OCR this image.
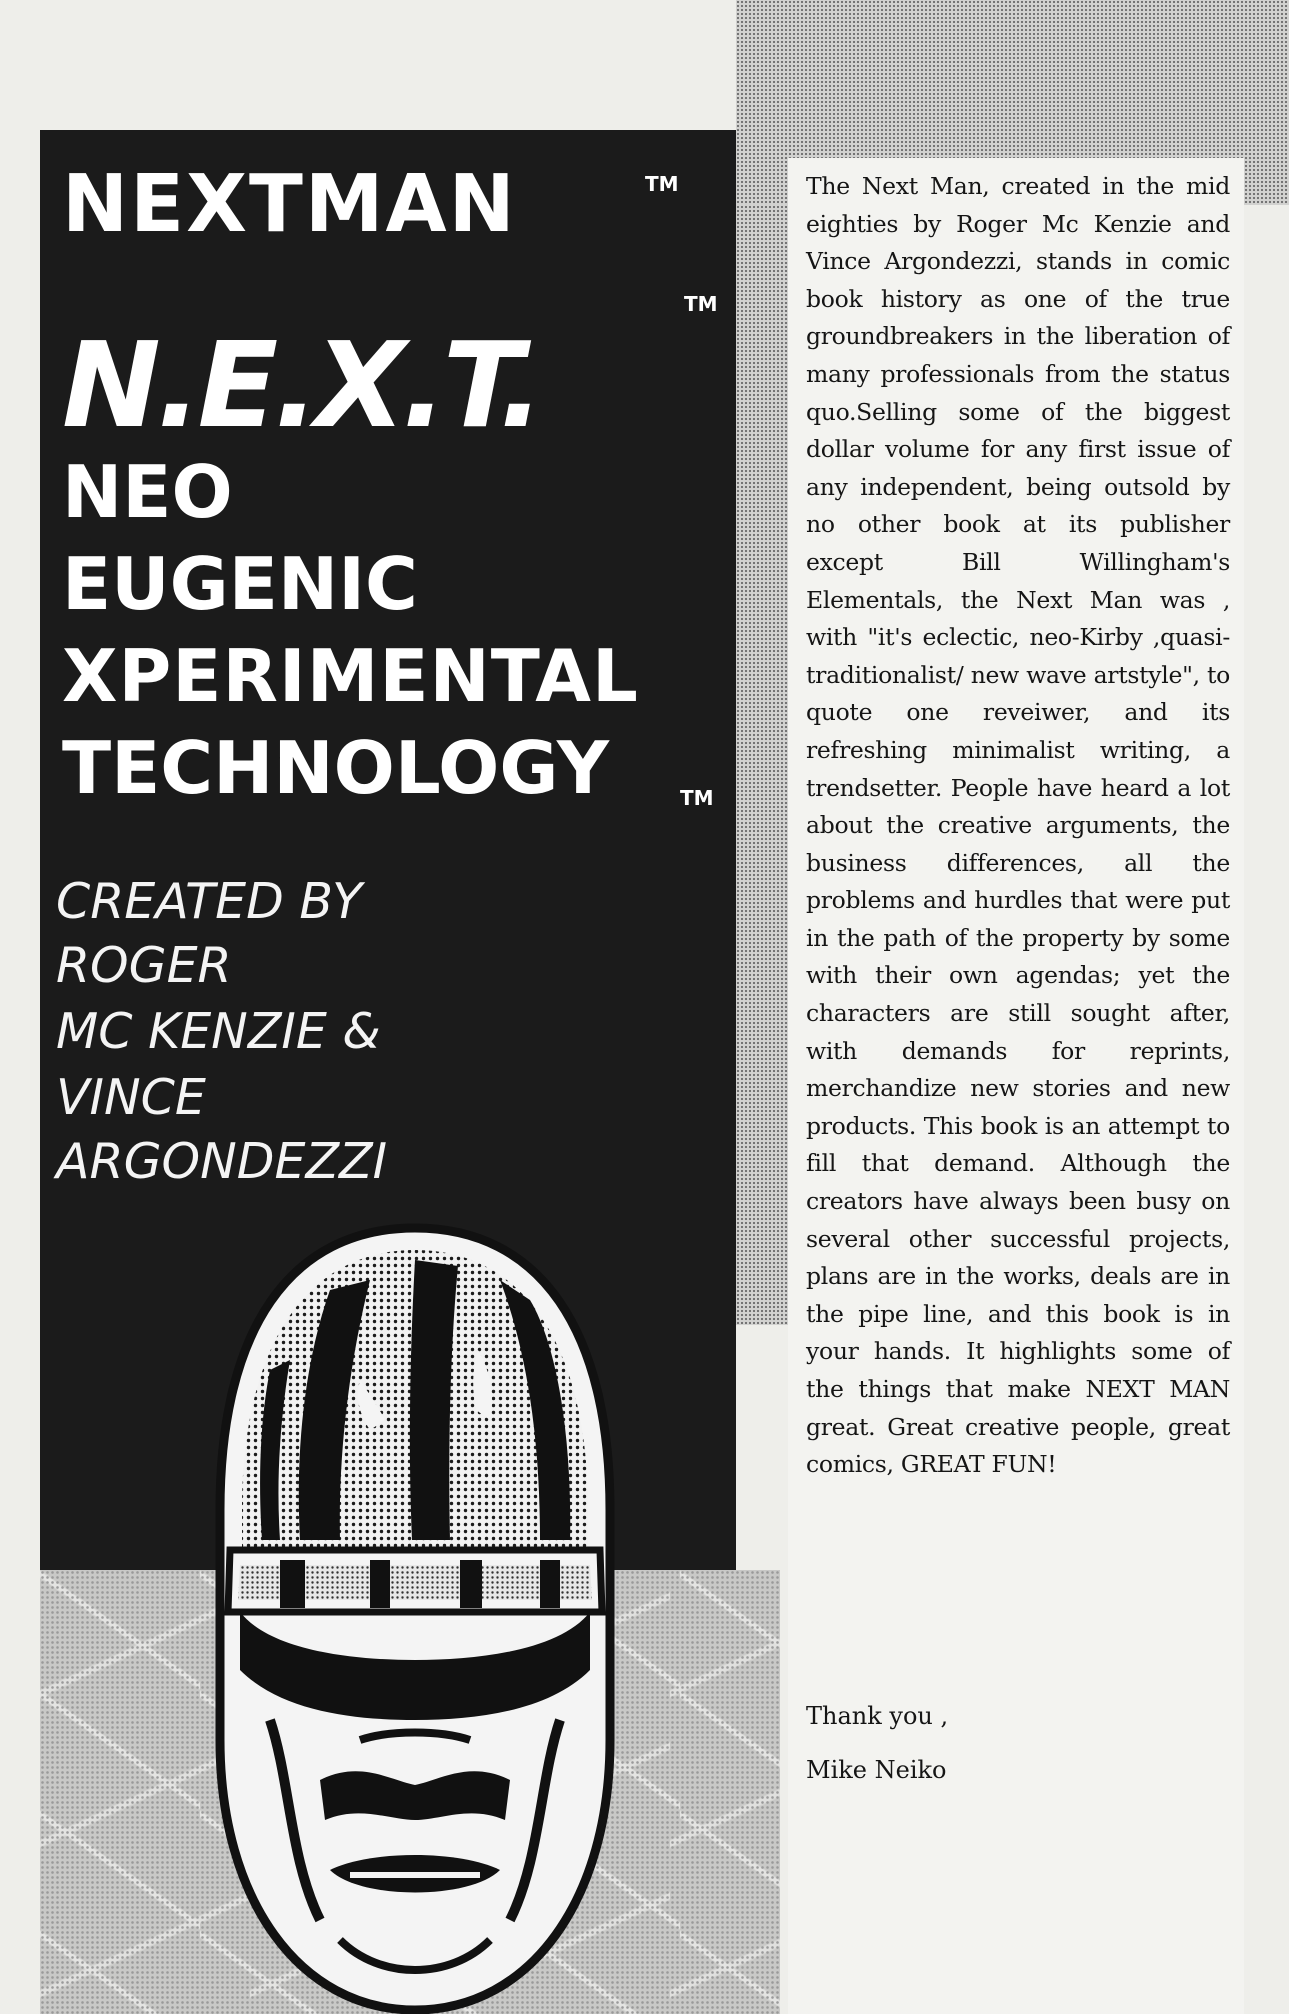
NEXTMAN	TM
TM
N.E.X.T.
NEO
EUGENIC
XPERIMENTAL
TECHNOLOGY	TM
CREATED BY
ROGER
MC KENZIE &
VINCE
ARGONDEZZI

The Next Man, created in the mid eighties by Roger Mc Kenzie and Vince Argondezzi, stands in comic book history as one of the true groundbreakers in the liberation of many professionals from the status quo.Selling some of the biggest dollar volume for any first issue of any independent, being outsold by no other book at its publisher except Bill Willingham's Elementals, the Next Man was , with "it's eclectic, neo-Kirby ,quasi-traditionalist/ new wave artstyle", to quote one reveiwer, and its refreshing minimalist writing, a trendsetter. People have heard a lot about the creative arguments, the business differences, all the problems and hurdles that were put in the path of the property by some with their own agendas; yet the characters are still sought after, with demands for reprints, merchandize new stories and new products. This book is an attempt to fill that demand. Although the creators have always been busy on several other successful projects, plans are in the works, deals are in the pipe line, and this book is in your hands. It highlights some of the things that make NEXT MAN great. Great creative people, great comics, GREAT FUN!

Thank you ,

Mike Neiko
